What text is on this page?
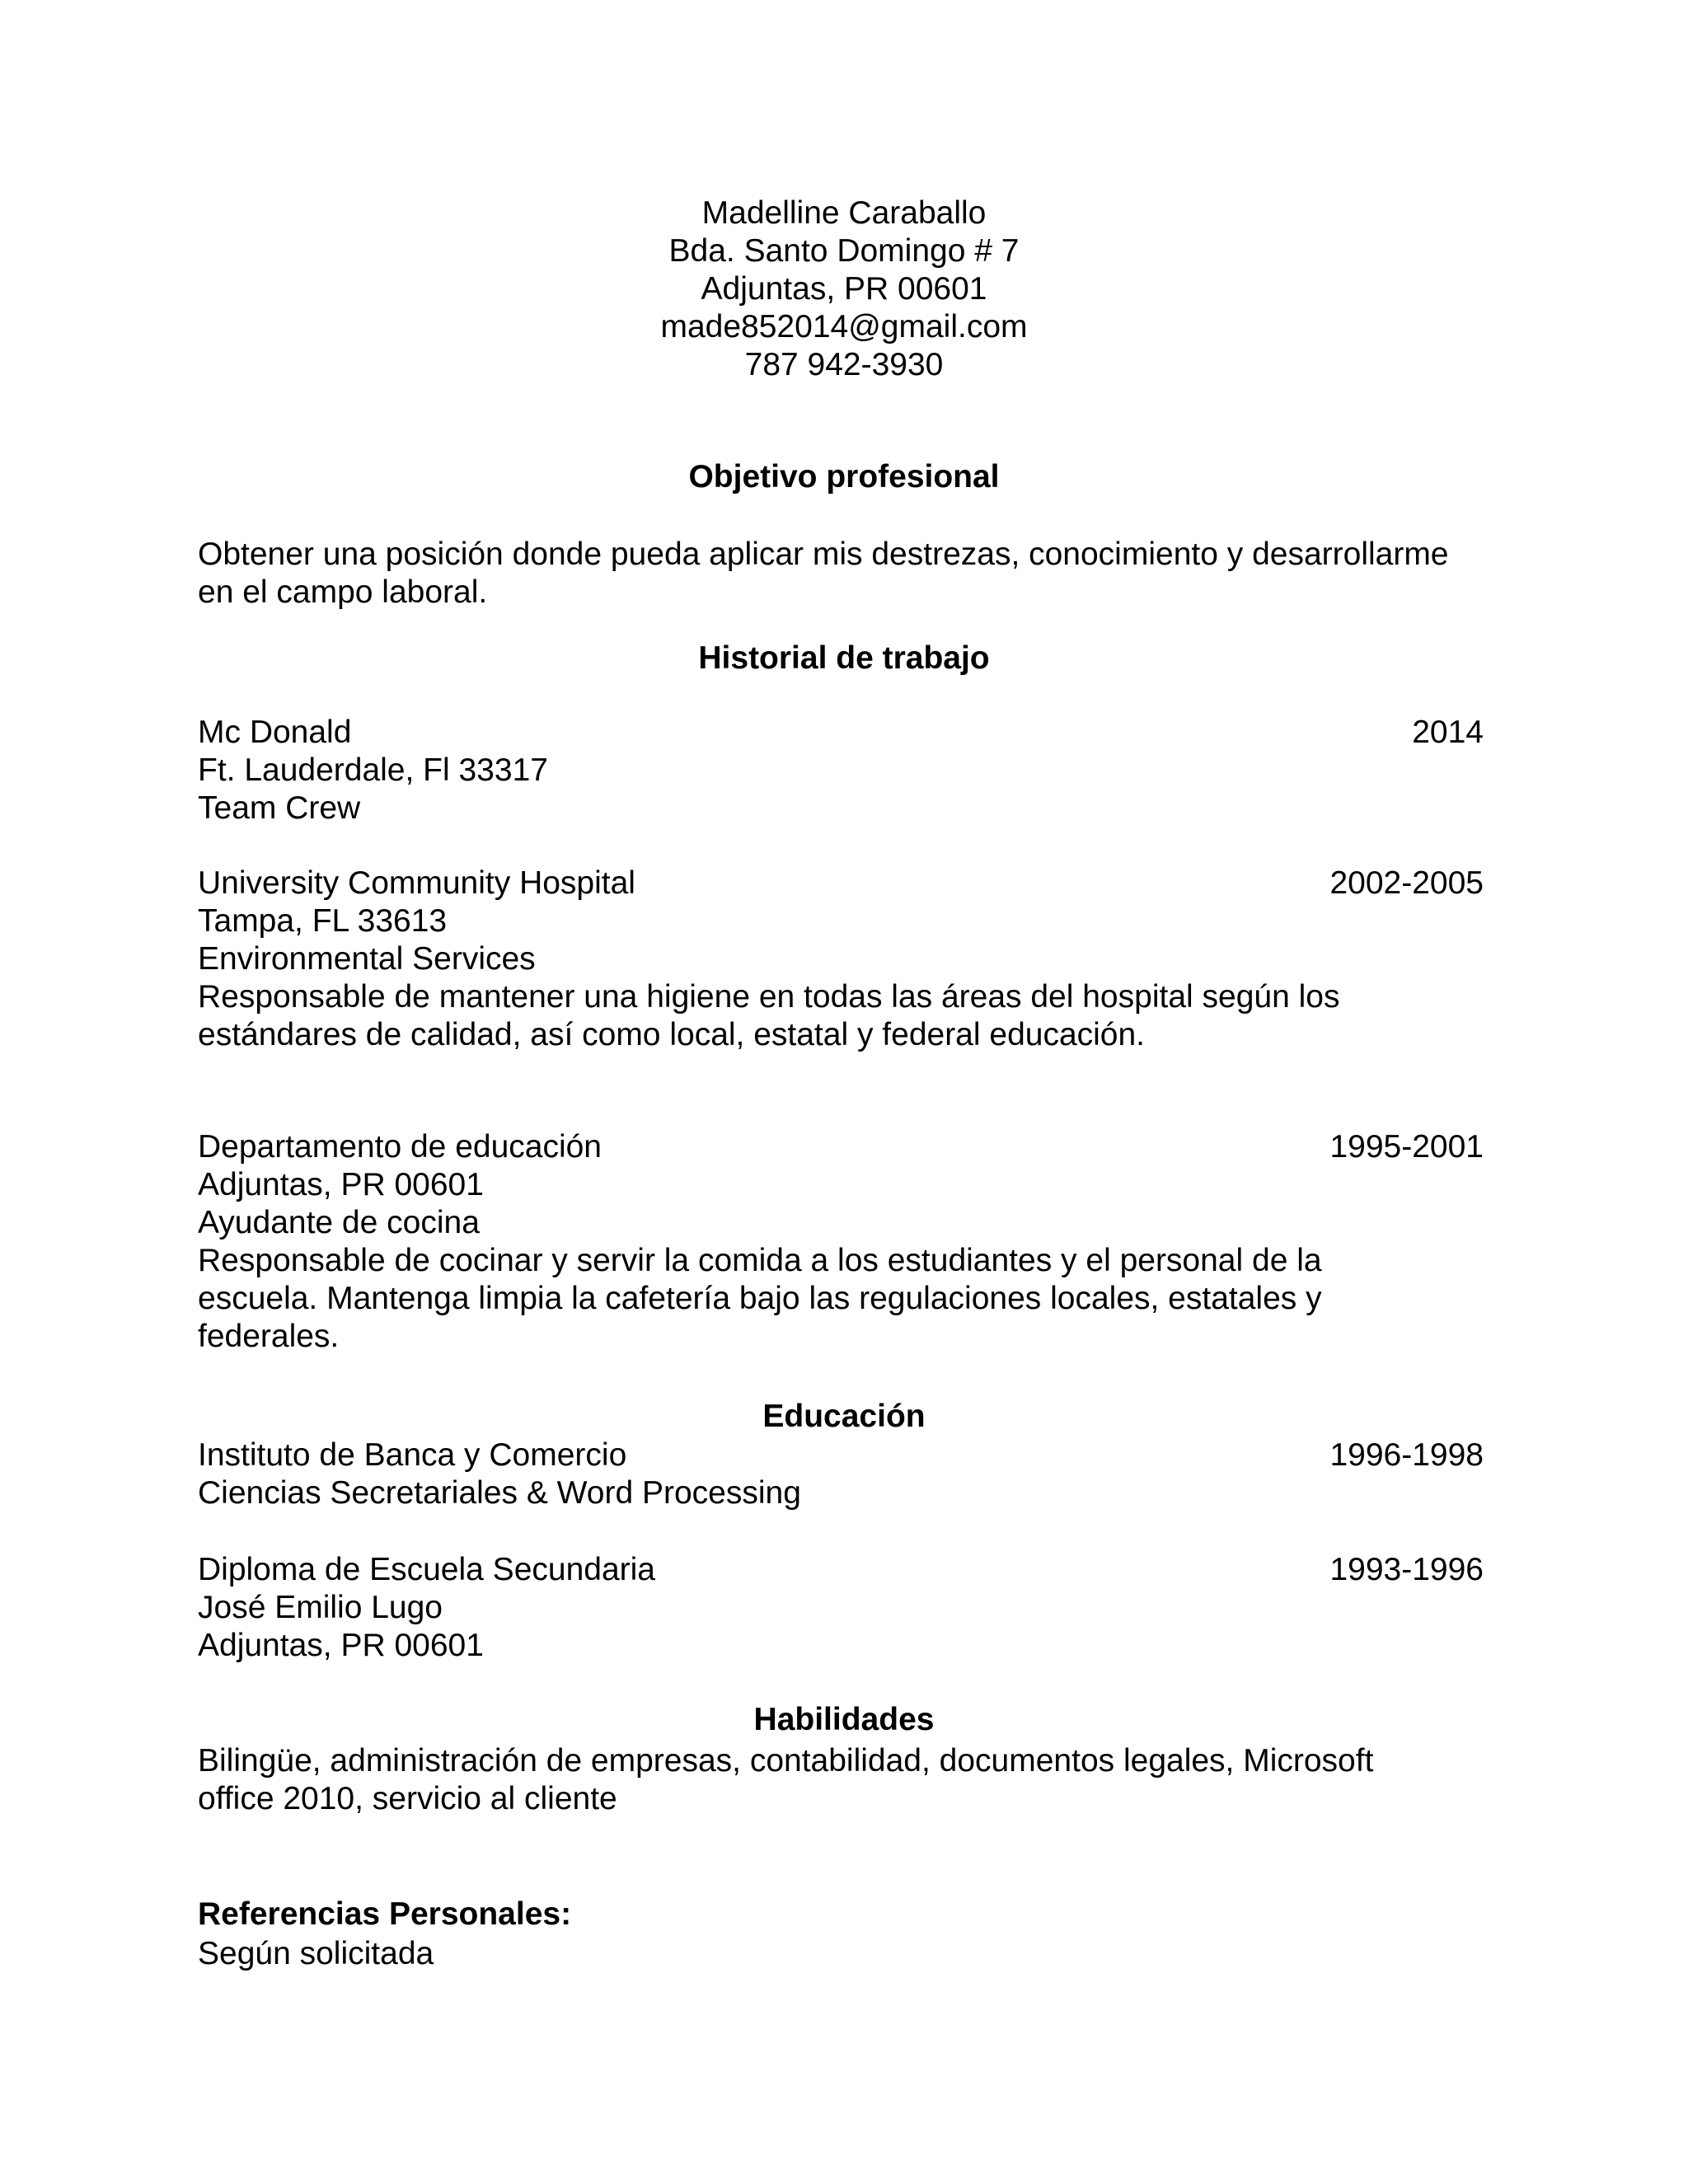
Madelline Caraballo
Bda. Santo Domingo # 7
Adjuntas, PR 00601
made852014@gmail.com
787 942-3930
Objetivo profesional
Obtener una posición donde pueda aplicar mis destrezas, conocimiento y desarrollarme
en el campo laboral.
Historial de trabajo
Mc Donald	2014
Ft. Lauderdale, Fl 33317
Team Crew
University Community Hospital	2002-2005
Tampa, FL 33613
Environmental Services
Responsable de mantener una higiene en todas las áreas del hospital según los
estándares de calidad, así como local, estatal y federal educación.
Departamento de educación	1995-2001
Adjuntas, PR 00601
Ayudante de cocina
Responsable de cocinar y servir la comida a los estudiantes y el personal de la
escuela. Mantenga limpia la cafetería bajo las regulaciones locales, estatales y
federales.
Educación
Instituto de Banca y Comercio	1996-1998
Ciencias Secretariales & Word Processing
Diploma de Escuela Secundaria	1993-1996
José Emilio Lugo
Adjuntas, PR 00601
Habilidades
Bilingüe, administración de empresas, contabilidad, documentos legales, Microsoft
office 2010, servicio al cliente
Referencias Personales:
Según solicitada
